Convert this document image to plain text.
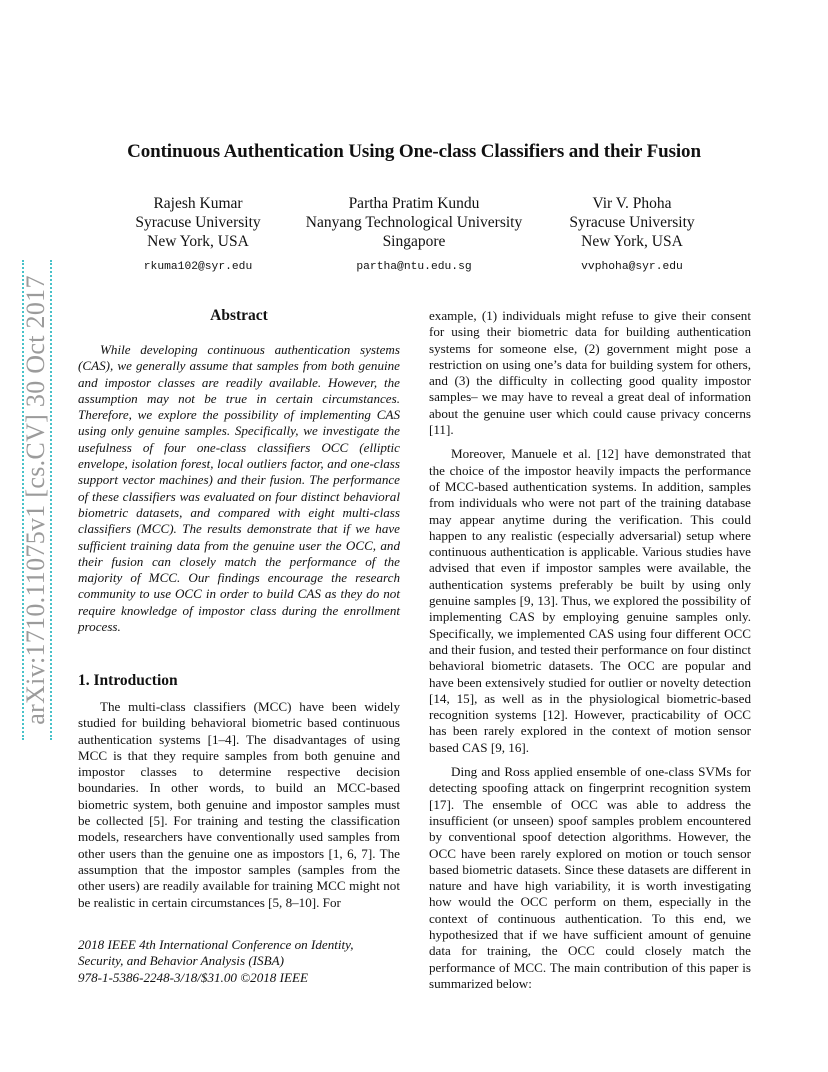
arXiv:1710.11075v1 [cs.CV] 30 Oct 2017
Continuous Authentication Using One-class Classifiers and their Fusion
Rajesh Kumar
Syracuse University
New York, USA
rkuma102@syr.edu
Partha Pratim Kundu
Nanyang Technological University
Singapore
partha@ntu.edu.sg
Vir V. Phoha
Syracuse University
New York, USA
vvphoha@syr.edu
Abstract

While developing continuous authentication systems (CAS), we generally assume that samples from both genuine and impostor classes are readily available. However, the assumption may not be true in certain circumstances. Therefore, we explore the possibility of implementing CAS using only genuine samples. Specifically, we investigate the usefulness of four one-class classifiers OCC (elliptic envelope, isolation forest, local outliers factor, and one-class support vector machines) and their fusion. The performance of these classifiers was evaluated on four distinct behavioral biometric datasets, and compared with eight multi-class classifiers (MCC). The results demonstrate that if we have sufficient training data from the genuine user the OCC, and their fusion can closely match the performance of the majority of MCC. Our findings encourage the research community to use OCC in order to build CAS as they do not require knowledge of impostor class during the enrollment process.

1. Introduction

The multi-class classifiers (MCC) have been widely studied for building behavioral biometric based continuous authentication systems [1–4]. The disadvantages of using MCC is that they require samples from both genuine and impostor classes to determine respective decision boundaries. In other words, to build an MCC-based biometric system, both genuine and impostor samples must be collected [5]. For training and testing the classification models, researchers have conventionally used samples from other users than the genuine one as impostors [1, 6, 7]. The assumption that the impostor samples (samples from the other users) are readily available for training MCC might not be realistic in certain circumstances [5, 8–10]. For

2018 IEEE 4th International Conference on Identity, Security, and Behavior Analysis (ISBA)
978-1-5386-2248-3/18/$31.00 ©2018 IEEE

example, (1) individuals might refuse to give their consent for using their biometric data for building authentication systems for someone else, (2) government might pose a restriction on using one’s data for building system for others, and (3) the difficulty in collecting good quality impostor samples– we may have to reveal a great deal of information about the genuine user which could cause privacy concerns [11].

Moreover, Manuele et al. [12] have demonstrated that the choice of the impostor heavily impacts the performance of MCC-based authentication systems. In addition, samples from individuals who were not part of the training database may appear anytime during the verification. This could happen to any realistic (especially adversarial) setup where continuous authentication is applicable. Various studies have advised that even if impostor samples were available, the authentication systems preferably be built by using only genuine samples [9, 13]. Thus, we explored the possibility of implementing CAS by employing genuine samples only. Specifically, we implemented CAS using four different OCC and their fusion, and tested their performance on four distinct behavioral biometric datasets. The OCC are popular and have been extensively studied for outlier or novelty detection [14, 15], as well as in the physiological biometric-based recognition systems [12]. However, practicability of OCC has been rarely explored in the context of motion sensor based CAS [9, 16].

Ding and Ross applied ensemble of one-class SVMs for detecting spoofing attack on fingerprint recognition system [17]. The ensemble of OCC was able to address the insufficient (or unseen) spoof samples problem encountered by conventional spoof detection algorithms. However, the OCC have been rarely explored on motion or touch sensor based biometric datasets. Since these datasets are different in nature and have high variability, it is worth investigating how would the OCC perform on them, especially in the context of continuous authentication. To this end, we hypothesized that if we have sufficient amount of genuine data for training, the OCC could closely match the performance of MCC. The main contribution of this paper is summarized below:
